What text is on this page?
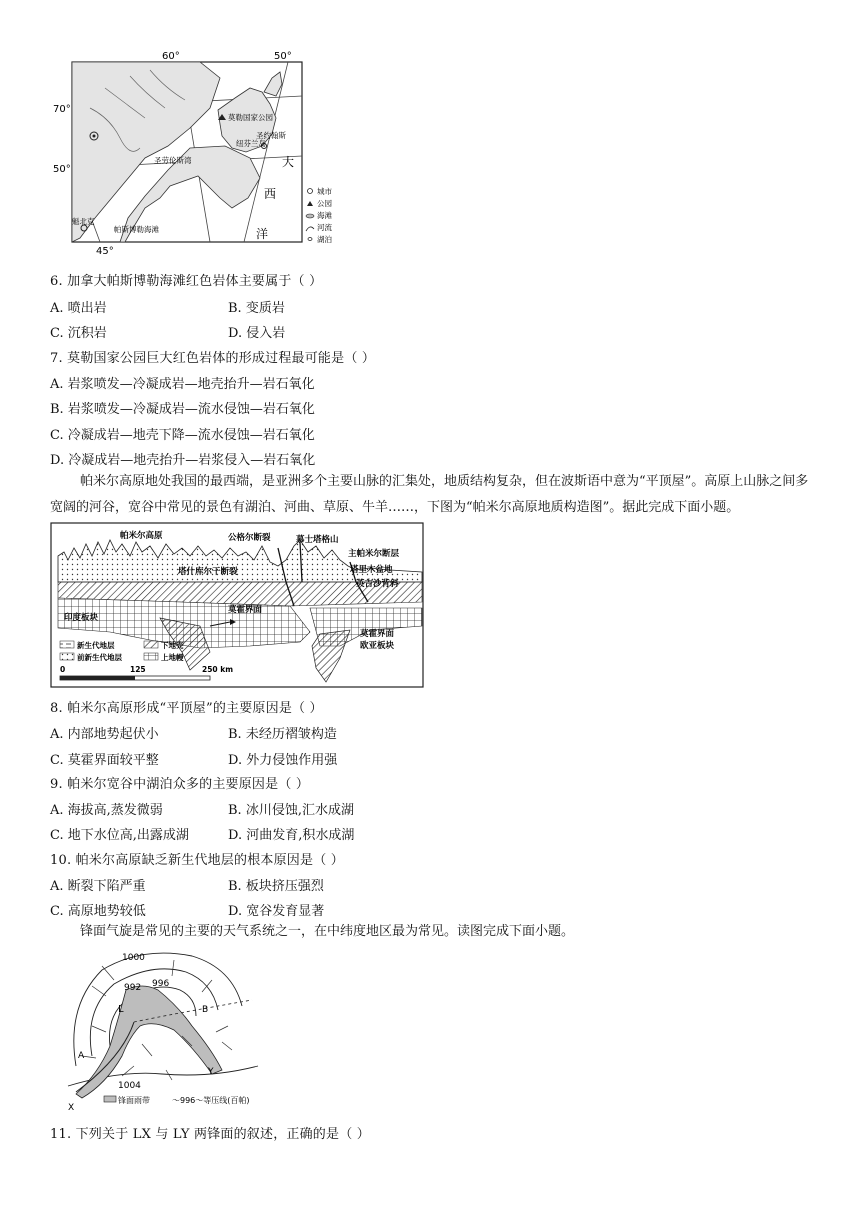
60°	50°
70°
50°
45°
莫勒国家公园
纽芬兰岛
圣约翰斯
圣劳伦斯湾
魁北克
帕斯博勒海滩
大
西
洋
城市
公园
海滩
河流
湖泊
6. 加拿大帕斯博勒海滩红色岩体主要属于（ ）
A. 喷出岩	B. 变质岩
C. 沉积岩	D. 侵入岩
7. 莫勒国家公园巨大红色岩体的形成过程最可能是（ ）
A. 岩浆喷发—冷凝成岩—地壳抬升—岩石氧化
B. 岩浆喷发—冷凝成岩—流水侵蚀—岩石氧化
C. 冷凝成岩—地壳下降—流水侵蚀—岩石氧化
D. 冷凝成岩—地壳抬升—岩浆侵入—岩石氧化
帕米尔高原地处我国的最西端，是亚洲多个主要山脉的汇集处，地质结构复杂，但在波斯语中意为“平顶屋”。高原上山脉之间多宽阔的河谷，宽谷中常见的景色有湖泊、河曲、草原、牛羊……，下图为“帕米尔高原地质构造图”。据此完成下面小题。
帕米尔高原	公格尔断裂	慕士塔格山
主帕米尔断层
塔什库尔干断裂	塔里木盆地
英吉沙背斜
莫霍界面
印度板块
莫霍界面
欧亚板块
新生代地层	下地壳
前新生代地层	上地幔
0	125	250 km
8. 帕米尔高原形成“平顶屋”的主要原因是（ ）
A. 内部地势起伏小	B. 未经历褶皱构造
C. 莫霍界面较平整	D. 外力侵蚀作用强
9. 帕米尔宽谷中湖泊众多的主要原因是（ ）
A. 海拔高,蒸发微弱	B. 冰川侵蚀,汇水成湖
C. 地下水位高,出露成湖	D. 河曲发育,积水成湖
10. 帕米尔高原缺乏新生代地层的根本原因是（ ）
A. 断裂下陷严重	B. 板块挤压强烈
C. 高原地势较低	D. 宽谷发育显著
锋面气旋是常见的主要的天气系统之一，在中纬度地区最为常见。读图完成下面小题。
1000
992 996
1004
L
A
B
X
Y
锋面雨带	～996～等压线(百帕)
11. 下列关于 LX 与 LY 两锋面的叙述，正确的是（ ）
